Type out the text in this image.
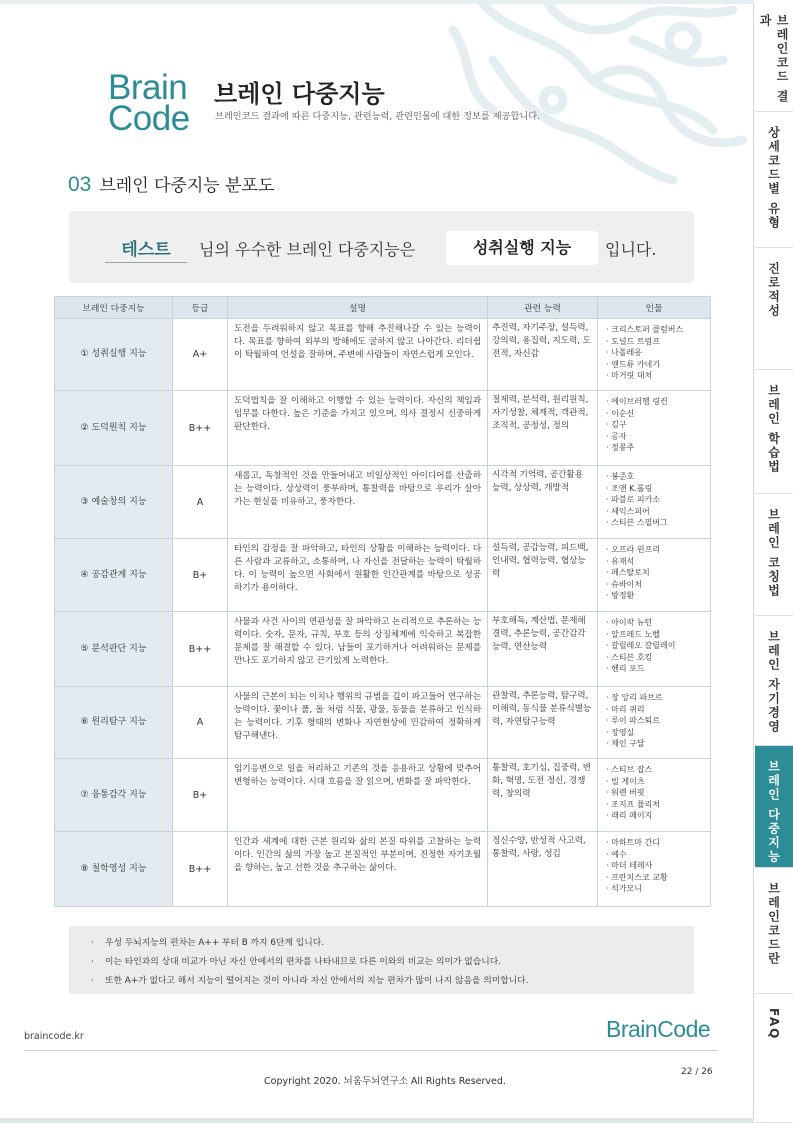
Brain
Code
브레인 다중지능
브레인코드 결과에 따른 다중지능, 관련능력, 관련인물에 대한 정보를 제공합니다.
03 브레인 다중지능 분포도
테스트	님의 우수한 브레인 다중지능은	성취실행 지능	입니다.
브레인 다중지능	등급	설명	관련 능력	인물
① 성취실행 지능	A+	도전을 두려워하지 않고 목표를 향해 추진해나갈 수 있는 능력이다. 목표를 향하여 외부의 방해에도 굴하지 않고 나아간다. 리더쉽이 탁월하여 언설을 잘하며, 주변에 사람들이 자연스럽게 모인다.	추진력, 자기주장, 설득력, 강의력, 용집력, 지도력, 도전적, 자신감	· 크리스토퍼 콜럼버스
· 도널드 트럼프
· 나폴레옹
· 앤드류 카네기
· 마거릿 대처

② 도덕원칙 지능	B++	도덕법칙을 잘 이해하고 이행할 수 있는 능력이다. 자신의 책임과 임무를 다한다. 높은 기준을 가지고 있으며, 의사 결정시 신중하게 판단한다.	절제력, 분석력, 원리원칙, 자기성찰, 체계적, 객관적, 조직적, 공정성, 정의	· 에이브러햄 링컨
· 이순신
· 김구
· 공자
· 정몽주

③ 예술창의 지능	A	새롭고, 독창적인 것을 만들어내고 비일상적인 아이디어를 산출하는 능력이다. 상상력이 풍부하며, 통찰력을 바탕으로 우리가 살아가는 현실을 비유하고, 풍자한다.	시각적 기억력, 공간활용 능력, 상상력, 개방적	· 봉준호
· 조앤 K.롤링
· 파블로 피카소
· 셰익스피어
· 스티븐 스필버그

④ 공감관계 지능	B+	타인의 감정을 잘 파악하고, 타인의 상황을 이해하는 능력이다. 다른 사람과 교류하고, 소통하며, 나 자신을 전달하는 능력이 탁월하다. 이 능력이 높으면 사회에서 원활한 인간관계를 바탕으로 성공 하기가 용이하다.	설득력, 공감능력, 피드백, 인내력, 협력능력, 협상능력	· 오프라 윈프리
· 유재석
· 페스탈로치
· 슈바이처
· 방정환

⑤ 분석판단 지능	B++	사물과 사건 사이의 연관성을 잘 파악하고 논리적으로 추론하는 능력이다. 숫자, 문자, 규칙, 부호 등의 상징체계에 익숙하고 복잡한 문제를 잘 해결할 수 있다. 남들이 포기하거나 어려워하는 문제를 만나도 포기하지 않고 끈기있게 노력한다.	부호해독, 계산법, 문제해결력, 추론능력, 공간감각능력, 연산능력	· 아이작 뉴턴
· 알프레드 노벨
· 갈릴레오 갈릴레이
· 스티븐 호킹
· 헨리 포드

⑥ 원리탐구 지능	A	사물의 근본이 되는 이치나 행위의 규범을 깊이 파고들어 연구하는 능력이다. 꽃이나 풀, 돌 처럼 식물, 광물, 동물을 분류하고 인식하는 능력이다. 기후 형태의 변화나 자연현상에 민감하여 정확하게 탐구해낸다.	관찰력, 추론능력, 탐구력, 이해력, 동식물 분류식별능력, 자연탐구능력	· 장 앙리 파브르
· 마리 퀴리
· 루이 파스퇴르
· 장영실
· 제인 구달

⑦ 융통감각 지능	B+	임기응변으로 일을 처리하고 기존의 것을 응용하고 상황에 맞추어 변형하는 능력이다. 시대 흐름을 잘 읽으며, 변화를 잘 파악한다.	통찰력, 호기심, 집중력, 변화, 혁명, 도전 정신, 경쟁력, 창의력	· 스티브 잡스
· 빌 게이츠
· 워렌 버핏
· 조지프 퓰리처
· 래리 페이지

⑧ 철학영성 지능	B++	인간과 세계에 대한 근본 원리와 삶의 본질 따위를 고찰하는 능력이다. 인간의 삶의 가장 높고 본질적인 부분이며, 진정한 자기초월을 향하는, 높고 선한 것을 추구하는 삶이다.	정신수양, 반성적 사고력, 통찰력, 사랑, 성김	· 마하트마 간디
· 예수
· 마더 테레사
· 프란치스코 교황
· 석가모니
· 우성 두뇌지능의 편차는 A++ 부터 B 까지 6단계 입니다.
· 이는 타인과의 상대 비교가 아닌 자신 안에서의 편차를 나타내므로 다른 이와의 비교는 의미가 없습니다.
· 또한 A+가 없다고 해서 지능이 떨어지는 것이 아니라 자신 안에서의 지능 편차가 많이 나지 않음을 의미합니다.
braincode.kr	BrainCode
Copyright 2020. 뇌움두뇌연구소 All Rights Reserved.
22 / 26
브레인코드 결과
상세코드별 유형
진로적성
브레인 학습법
브레인 코칭법
브레인 자기경영
브레인 다중지능
브레인코드란
FAQ
